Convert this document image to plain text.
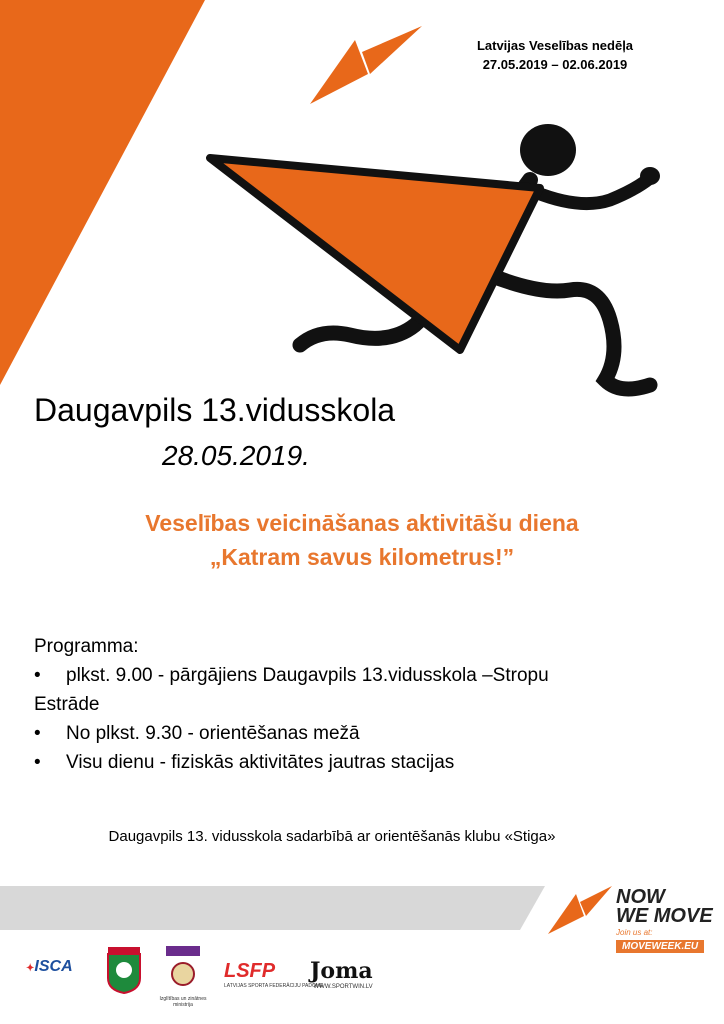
Latvijas Veselības nedēļa
27.05.2019 – 02.06.2019
Daugavpils 13.vidusskola
28.05.2019.
Veselības veicināšanas aktivitāšu diena
„Katram savus kilometrus!”
Programma:
•	plkst. 9.00 - pārgājiens Daugavpils 13.vidusskola –Stropu
Estrāde
•	No plkst. 9.30 - orientēšanas mežā
•	Visu dienu - fiziskās aktivitātes jautras stacijas
Daugavpils 13. vidusskola sadarbībā ar orientēšanās klubu «Stiga»
NOW
WE MOVE
Join us at:
MOVEWEEK.EU
✦ISCA
Izglītības un zinātnes ministrija
LSFP
LATVIJAS SPORTA FEDERĀCIJU PADOME
Joma
WWW.SPORTWIN.LV
